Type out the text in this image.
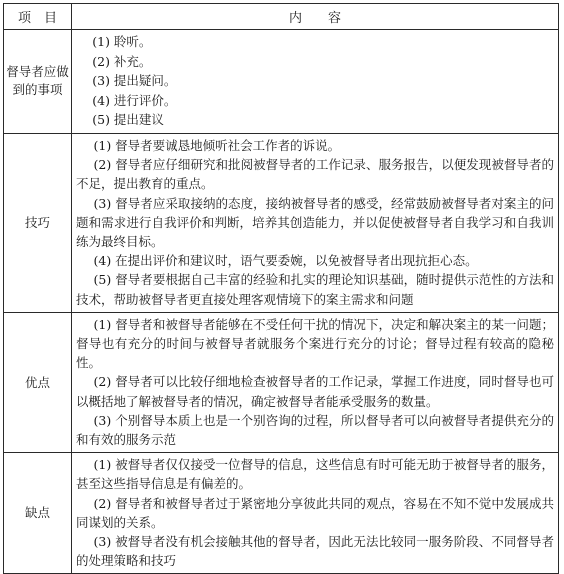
项　目	内　　容
督导者应做到的事项	(1) 聆听。

(2) 补充。

(3) 提出疑问。

(4) 进行评价。

(5) 提出建议

技巧	(1) 督导者要诚恳地倾听社会工作者的诉说。

(2) 督导者应仔细研究和批阅被督导者的工作记录、服务报告，以便发现被督导者的不足，提出教育的重点。

(3) 督导者应采取接纳的态度，接纳被督导者的感受，经常鼓励被督导者对案主的问题和需求进行自我评价和判断，培养其创造能力，并以促使被督导者自我学习和自我训练为最终目标。

(4) 在提出评价和建议时，语气要委婉，以免被督导者出现抗拒心态。

(5) 督导者要根据自己丰富的经验和扎实的理论知识基础，随时提供示范性的方法和技术，帮助被督导者更直接处理客观情境下的案主需求和问题

优点	(1) 督导者和被督导者能够在不受任何干扰的情况下，决定和解决案主的某一问题；督导也有充分的时间与被督导者就服务个案进行充分的讨论；督导过程有较高的隐秘性。

(2) 督导者可以比较仔细地检查被督导者的工作记录，掌握工作进度，同时督导也可以概括地了解被督导者的情况，确定被督导者能承受服务的数量。

(3) 个别督导本质上也是一个别咨询的过程，所以督导者可以向被督导者提供充分的和有效的服务示范

缺点	(1) 被督导者仅仅接受一位督导的信息，这些信息有时可能无助于被督导者的服务，甚至这些指导信息是有偏差的。

(2) 督导者和被督导者过于紧密地分享彼此共同的观点，容易在不知不觉中发展成共同谋划的关系。

(3) 被督导者没有机会接触其他的督导者，因此无法比较同一服务阶段、不同督导者的处理策略和技巧
